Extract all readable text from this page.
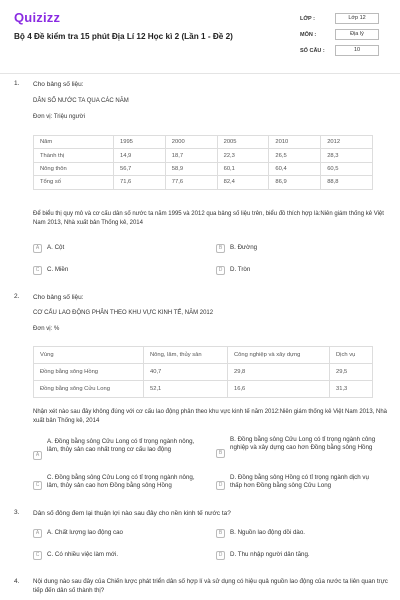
Quizizz
Bộ 4 Đề kiểm tra 15 phút Địa Lí 12 Học kì 2 (Lần 1 - Đề 2)
LỚP :	Lớp 12
MÔN :	Địa lý
SỐ CÂU :	10
1. Cho bảng số liệu:
DÂN SỐ NƯỚC TA QUA CÁC NĂM
Đơn vị: Triệu người
Năm	1995	2000	2005	2010	2012
Thành thị	14,9	18,7	22,3	26,5	28,3
Nông thôn	56,7	58,9	60,1	60,4	60,5
Tổng số	71,6	77,6	82,4	86,9	88,8
Để biểu thị quy mô và cơ cấu dân số nước ta năm 1995 và 2012 qua bảng số liệu trên, biểu đồ thích hợp là:Niên giám thống kê Việt Nam 2013, Nhà xuất bản Thống kê, 2014
A	A. Cột	B	B. Đường
C	C. Miền	D	D. Tròn
2. Cho bảng số liệu:
CƠ CẤU LAO ĐỘNG PHÂN THEO KHU VỰC KINH TẾ, NĂM 2012
Đơn vị: %
Vùng	Nông, lâm, thủy sản	Công nghiệp và xây dựng	Dịch vụ
Đồng bằng sông Hồng	40,7	29,8	29,5
Đồng bằng sông Cửu Long	52,1	16,6	31,3
Nhận xét nào sau đây không đúng với cơ cấu lao động phân theo khu vực kinh tế năm 2012:Niên giám thống kê Việt Nam 2013, Nhà xuất bản Thống kê, 2014
A
A. Đồng bằng sông Cửu Long có tỉ trọng ngành nông, lâm, thủy sản cao nhất trong cơ cấu lao động	B
B. Đồng bằng sông Cửu Long có tỉ trọng ngành công nghiệp và xây dựng cao hơn Đồng bằng sông Hồng
C
C. Đồng bằng sông Cửu Long có tỉ trọng ngành nông, lâm, thủy sản cao hơn Đồng bằng sông Hồng	D
D. Đồng bằng sông Hồng có tỉ trọng ngành dịch vụ thấp hơn Đồng bằng sông Cửu Long
3. Dân số đông đem lại thuận lợi nào sau đây cho nền kinh tế nước ta?
A	A. Chất lượng lao động cao	B	B. Nguồn lao động dồi dào.
C	C. Có nhiều việc làm mới.	D	D. Thu nhập người dân tăng.
4. Nội dung nào sau đây của Chiến lược phát triển dân số hợp lí và sử dụng có hiệu quả nguồn lao động của nước ta liên quan trực tiếp đến dân số thành thị?
